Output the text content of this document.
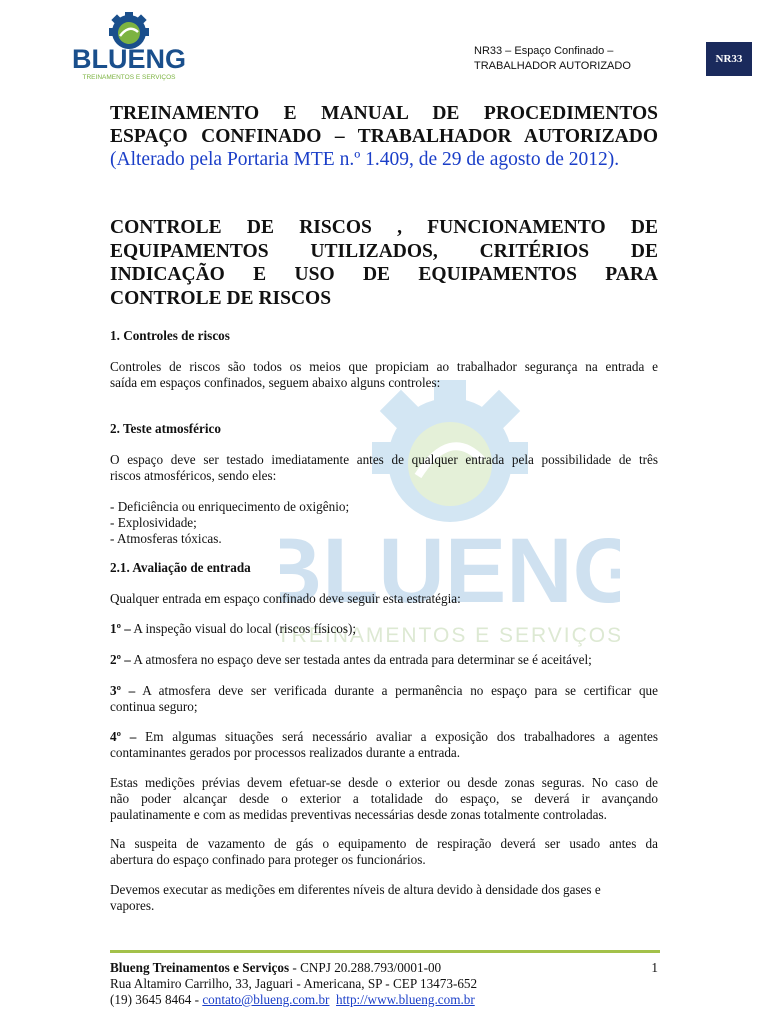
BLUENG
TREINAMENTOS E SERVIÇOS
NR33 – Espaço Confinado –
TRABALHADOR AUTORIZADO
NR33
BLUENG
TREINAMENTOS E SERVIÇOS
TREINAMENTO E MANUAL DE PROCEDIMENTOS
ESPAÇO CONFINADO – TRABALHADOR AUTORIZADO
(Alterado pela Portaria MTE n.º 1.409, de 29 de agosto de 2012).
CONTROLE DE RISCOS , FUNCIONAMENTO DE
EQUIPAMENTOS UTILIZADOS, CRITÉRIOS DE
INDICAÇÃO E USO DE EQUIPAMENTOS PARA
CONTROLE DE RISCOS
1. Controles de riscos
Controles de riscos são todos os meios que propiciam ao trabalhador segurança na entrada e
saída em espaços confinados, seguem abaixo alguns controles:
2. Teste atmosférico
O espaço deve ser testado imediatamente antes de qualquer entrada pela possibilidade de três
riscos atmosféricos, sendo eles:
- Deficiência ou enriquecimento de oxigênio;
- Explosividade;
- Atmosferas tóxicas.
2.1. Avaliação de entrada
Qualquer entrada em espaço confinado deve seguir esta estratégia:
1º – A inspeção visual do local (riscos físicos);
2º – A atmosfera no espaço deve ser testada antes da entrada para determinar se é aceitável;
3º – A atmosfera deve ser verificada durante a permanência no espaço para se certificar que
continua seguro;
4º – Em algumas situações será necessário avaliar a exposição dos trabalhadores a agentes
contaminantes gerados por processos realizados durante a entrada.
Estas medições prévias devem efetuar-se desde o exterior ou desde zonas seguras. No caso de
não poder alcançar desde o exterior a totalidade do espaço, se deverá ir avançando
paulatinamente e com as medidas preventivas necessárias desde zonas totalmente controladas.
Na suspeita de vazamento de gás o equipamento de respiração deverá ser usado antes da
abertura do espaço confinado para proteger os funcionários.
Devemos executar as medições em diferentes níveis de altura devido à densidade dos gases e
vapores.
Blueng Treinamentos e Serviços - CNPJ 20.288.793/0001-00	1
Rua Altamiro Carrilho, 33, Jaguari - Americana, SP - CEP 13473-652
(19) 3645 8464 - contato@blueng.com.br http://www.blueng.com.br
